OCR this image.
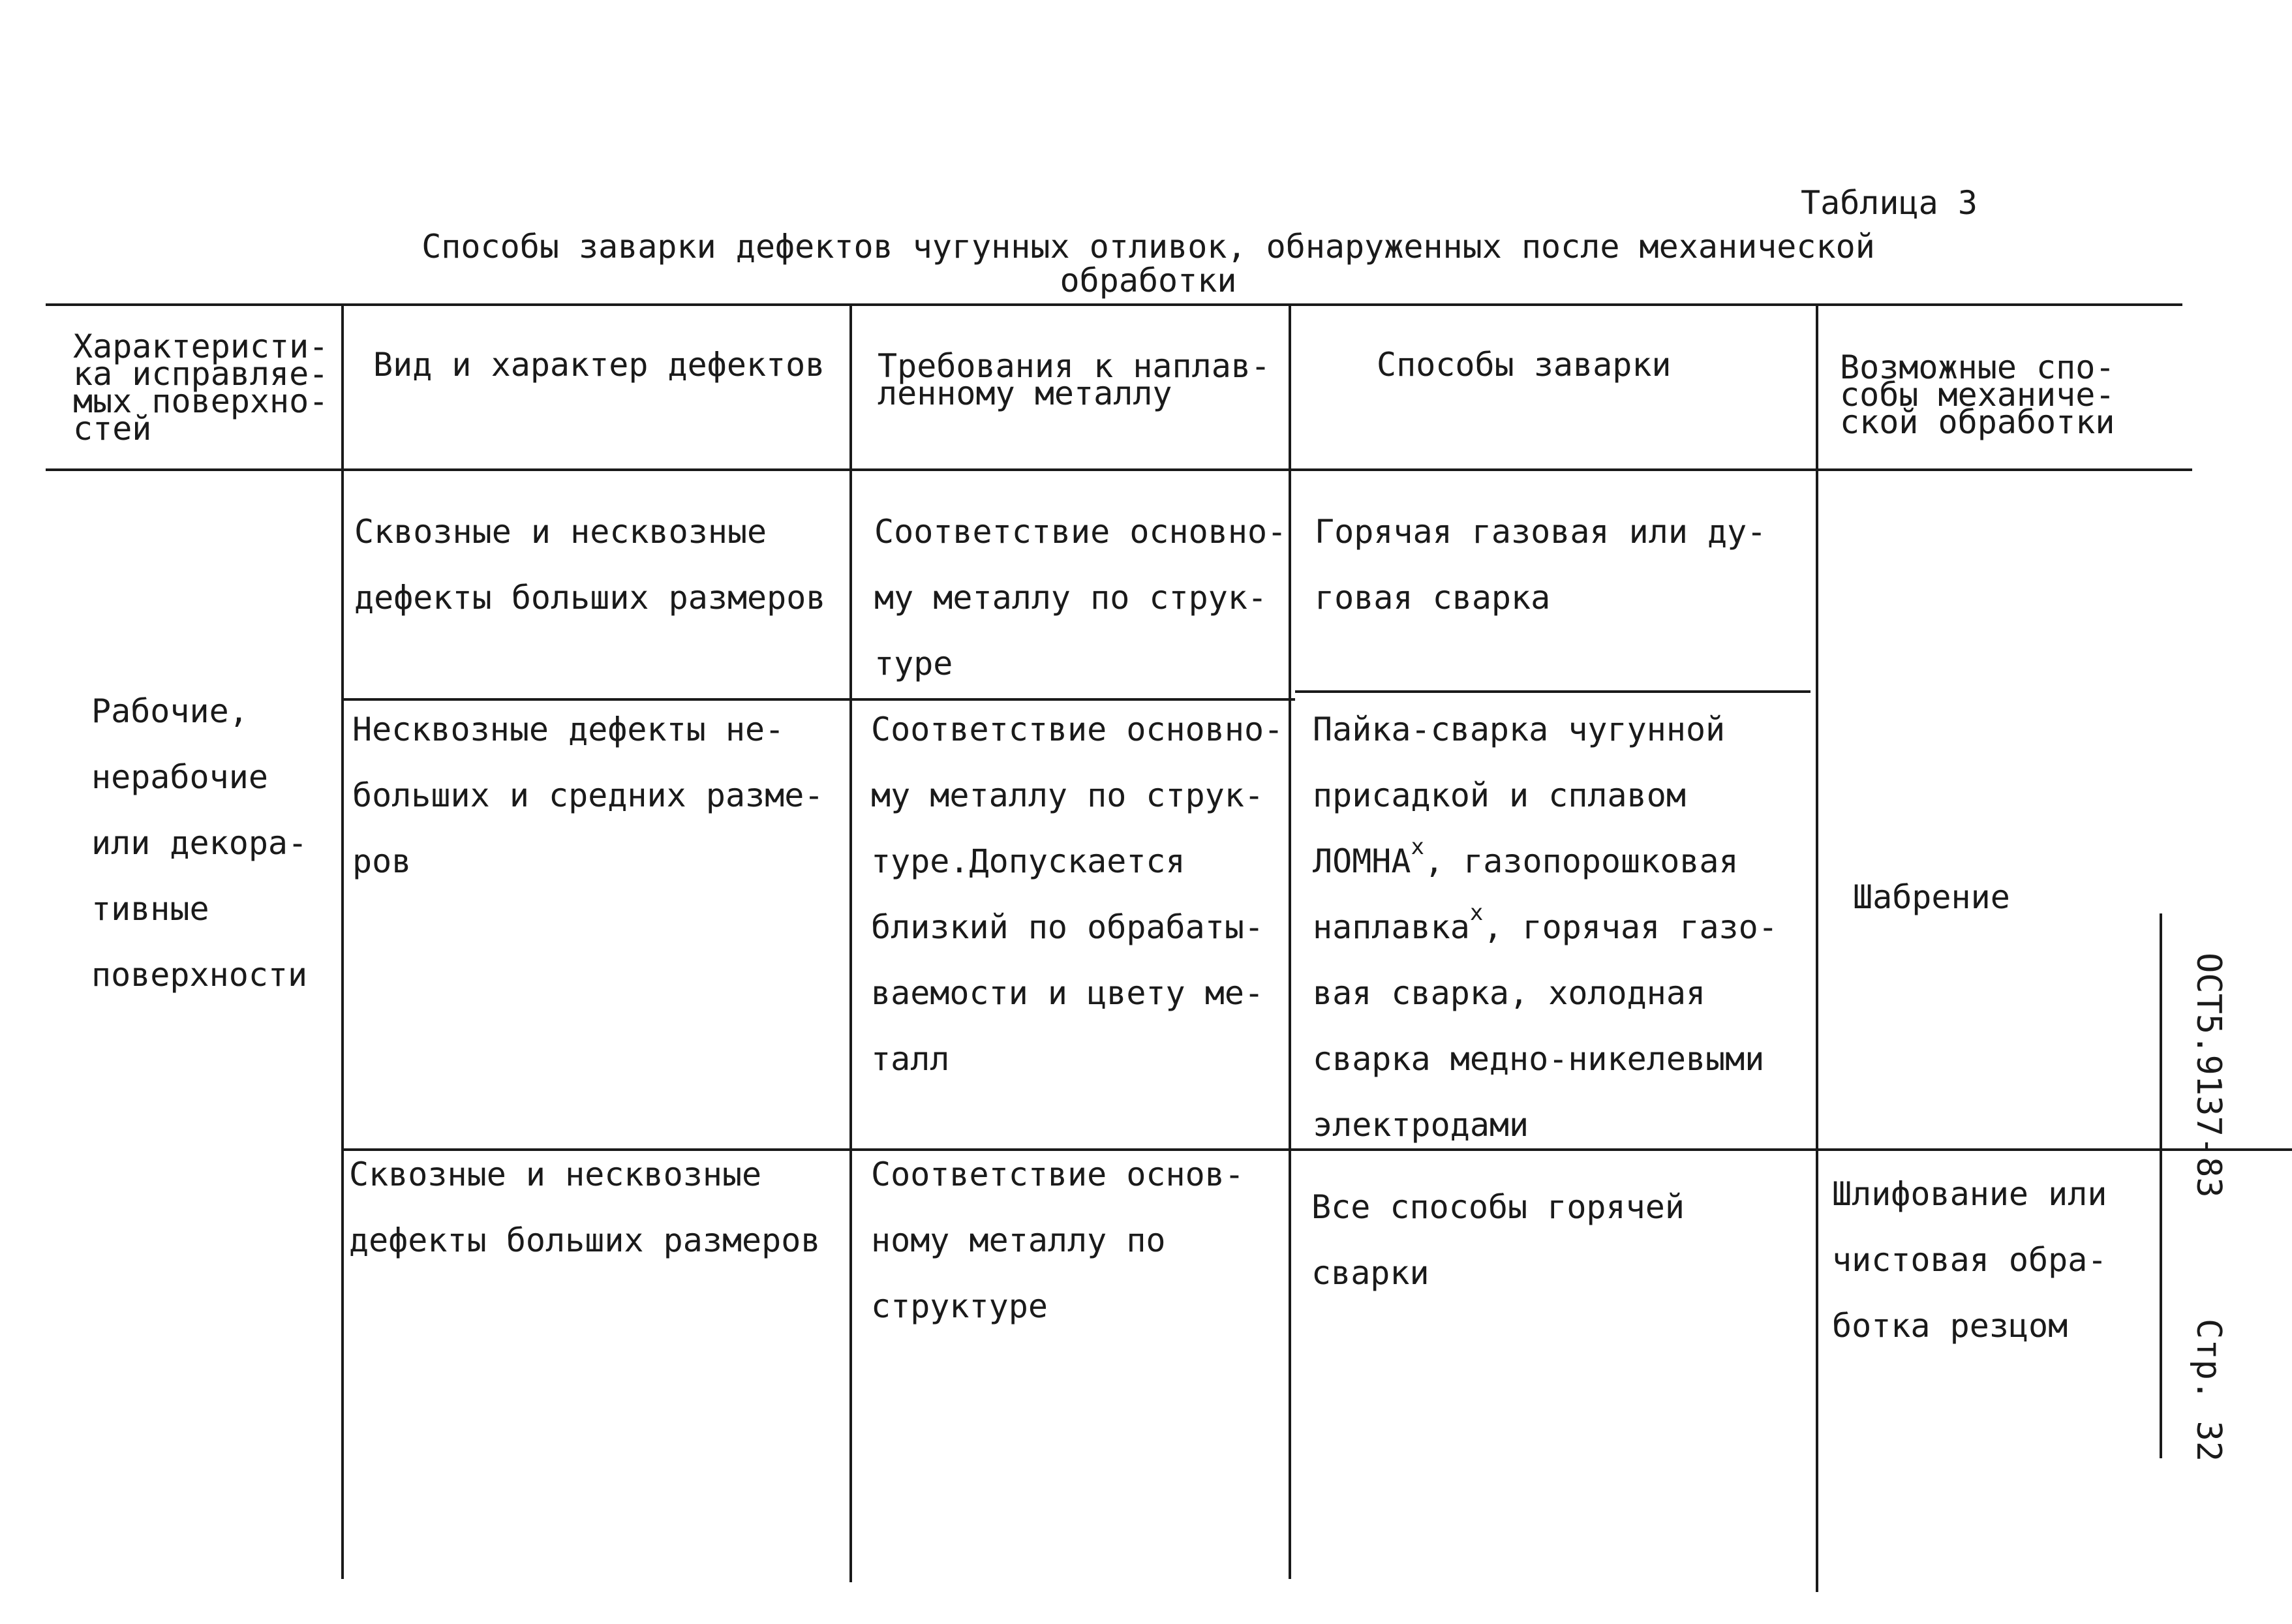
Таблица 3
Способы заварки дефектов чугунных отливок, обнаруженных после механической
обработки
Характеристи-
ка исправляе-
мых поверхно-
стей
Вид и характер дефектов Требования к наплав-
ленному металлу
Способы заварки	Возможные спо-
собы механиче-
ской обработки
Рабочие,
нерабочие
или декора-
тивные
поверхности
Сквозные и несквозные
дефекты больших размеров
Соответствие основно-
му металлу по струк-
туре
Горячая газовая или ду-
говая сварка
Несквозные дефекты не-
больших и средних разме-
ров
Соответствие основно-
му металлу по струк-
туре.Допускается
близкий по обрабаты-
ваемости и цвету ме-
талл
Пайка-сварка чугунной
присадкой и сплавом
ЛОМНА$^x$, газопорошковая
наплавка$^x$, горячая газо-
вая сварка, холодная
сварка медно-никелевыми
электродами
Шабрение
Сквозные и несквозные
дефекты больших размеров
Соответствие основ-
ному металлу по
структуре
Все способы горячей
сварки
Шлифование или
чистовая обра-
ботка резцом
ОСТ5.9137-83
Стр. 32
